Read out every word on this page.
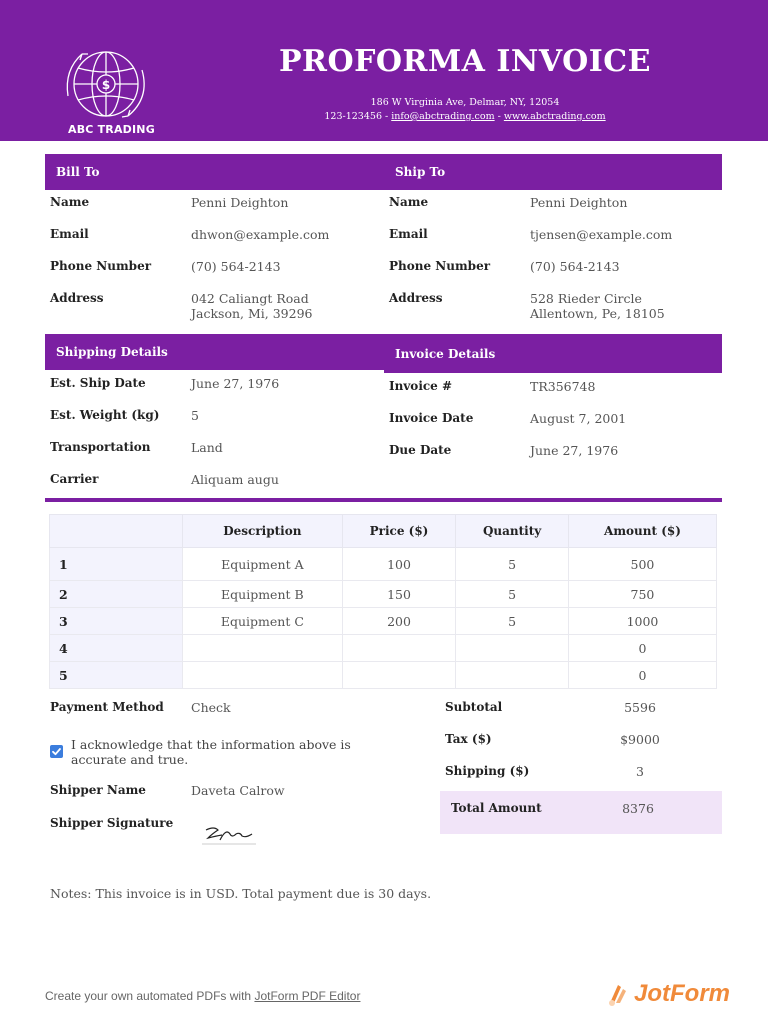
$
ABC TRADING
PROFORMA INVOICE
186 W Virginia Ave, Delmar, NY, 12054
123-123456 - info@abctrading.com - www.abctrading.com
Bill To	Ship To
Name	Penni Deighton
Email	dhwon@example.com
Phone Number	(70) 564-2143
Address	042 Caliangt Road
Jackson, Mi, 39296
Name	Penni Deighton
Email	tjensen@example.com
Phone Number	(70) 564-2143
Address	528 Rieder Circle
Allentown, Pe, 18105
Shipping Details	Invoice Details
Est. Ship Date	June 27, 1976
Est. Weight (kg)	5
Transportation	Land
Carrier	Aliquam augu
Invoice #	TR356748
Invoice Date	August 7, 2001
Due Date	June 27, 1976
	Description	Price ($)	Quantity	Amount ($)
1	Equipment A	100	5	500
2	Equipment B	150	5	750
3	Equipment C	200	5	1000
4				0
5				0
Payment Method Check
I acknowledge that the information above is accurate and true.
Shipper Name	Daveta Calrow
Shipper Signature
Subtotal	5596
Tax ($)	$9000
Shipping ($)	3
Total Amount	8376
Notes: This invoice is in USD. Total payment due is 30 days.
Create your own automated PDFs with JotForm PDF Editor	JotForm
